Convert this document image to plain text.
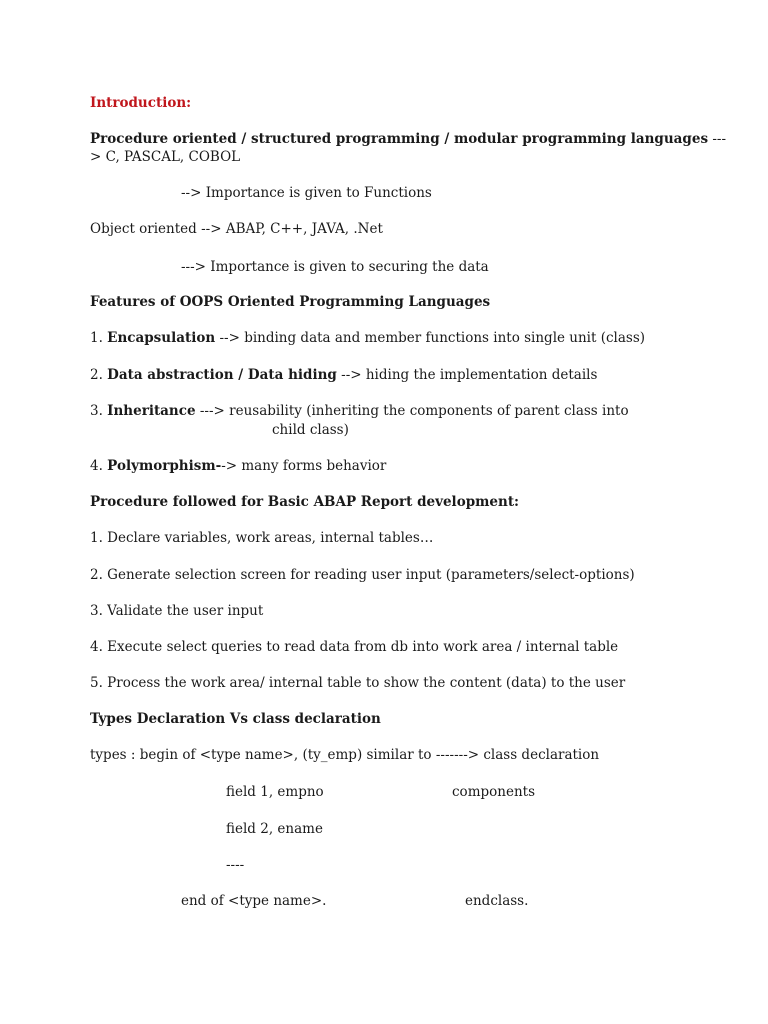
Introduction:
Procedure oriented / structured programming / modular programming languages ---
> C, PASCAL, COBOL
--> Importance is given to Functions
Object oriented --> ABAP, C++, JAVA, .Net
---> Importance is given to securing the data
Features of OOPS Oriented Programming Languages
1. Encapsulation --> binding data and member functions into single unit (class)
2. Data abstraction / Data hiding --> hiding the implementation details
3. Inheritance ---> reusability (inheriting the components of parent class into
child class)
4. Polymorphism--> many forms behavior
Procedure followed for Basic ABAP Report development:
1. Declare variables, work areas, internal tables…
2. Generate selection screen for reading user input (parameters/select-options)
3. Validate the user input
4. Execute select queries to read data from db into work area / internal table
5. Process the work area/ internal table to show the content (data) to the user
Types Declaration Vs class declaration
types : begin of <type name>, (ty_emp) similar to -------> class declaration
field 1, empno	components
field 2, ename
----
end of <type name>.	endclass.
